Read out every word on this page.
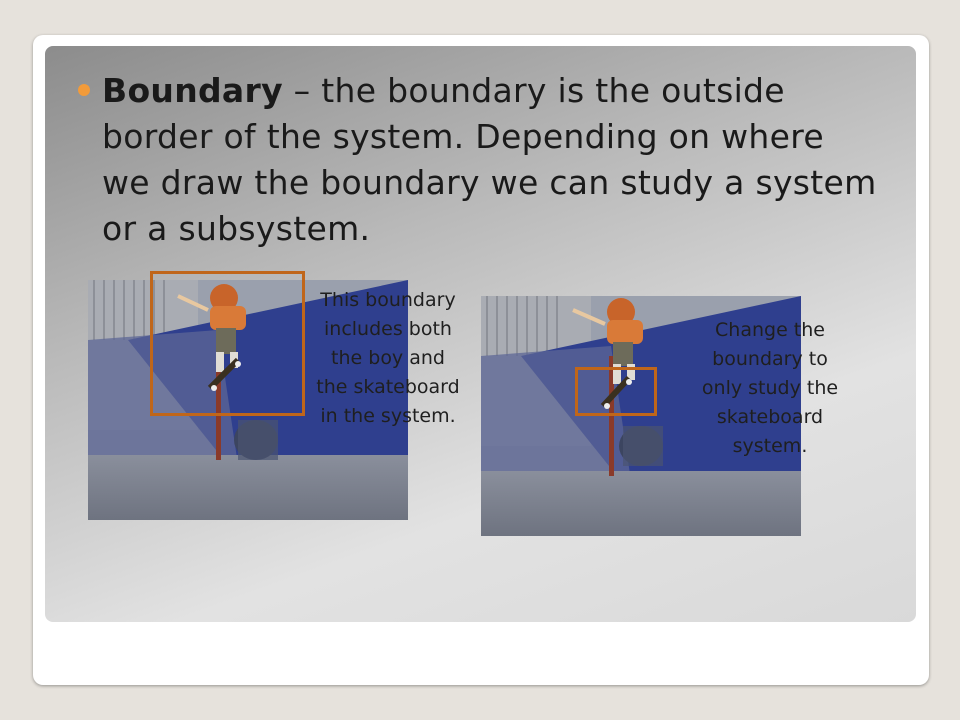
Boundary – the boundary is the outside border of the system. Depending on where we draw the boundary we can study a system or a subsystem.
This boundary includes both the boy and the skateboard in the system.
Change the boundary to only study the skateboard system.
